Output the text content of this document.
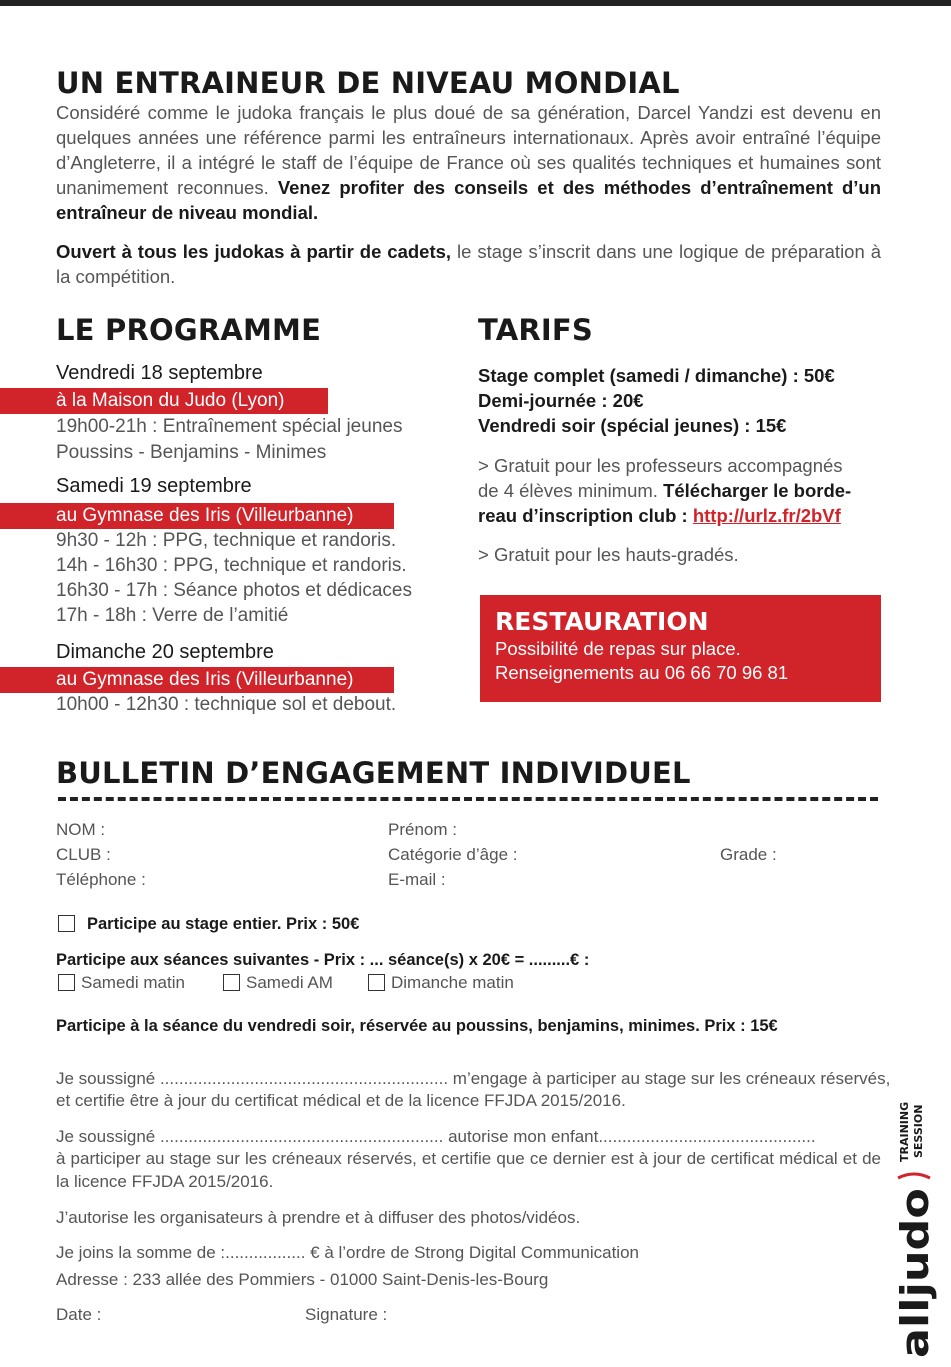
UN ENTRAINEUR DE NIVEAU MONDIAL

Considéré comme le judoka français le plus doué de sa génération, Darcel Yandzi est devenu en quelques années une référence parmi les entraîneurs internationaux. Après avoir entraîné l’équipe d’Angleterre, il a intégré le staff de l’équipe de France où ses qualités techniques et humaines sont unanimement reconnues. Venez profiter des conseils et des méthodes d’entraînement d’un entraîneur de niveau mondial.

Ouvert à tous les judokas à partir de cadets, le stage s’inscrit dans une logique de préparation à la compétition.

LE PROGRAMME
Vendredi 18 septembre
à la Maison du Judo (Lyon)
19h00-21h : Entraînement spécial jeunes
Poussins - Benjamins - Minimes
Samedi 19 septembre
au Gymnase des Iris (Villeurbanne)
9h30 - 12h : PPG, technique et randoris.
14h - 16h30 : PPG, technique et randoris.
16h30 - 17h : Séance photos et dédicaces
17h - 18h : Verre de l’amitié
Dimanche 20 septembre
au Gymnase des Iris (Villeurbanne)
10h00 - 12h30 : technique sol et debout.
TARIFS
Stage complet (samedi / dimanche) : 50€
Demi-journée : 20€
Vendredi soir (spécial jeunes) : 15€
> Gratuit pour les professeurs accompagnés
de 4 élèves minimum. Télécharger le borde-
reau d’inscription club : http://urlz.fr/2bVf
> Gratuit pour les hauts-gradés.
RESTAURATION
Possibilité de repas sur place.
Renseignements au 06 66 70 96 81
BULLETIN D’ENGAGEMENT INDIVIDUEL
NOM :	Prénom :
CLUB :	Catégorie d’âge :	Grade :
Téléphone :	E-mail :
Participe au stage entier. Prix : 50€
Participe aux séances suivantes - Prix : ... séance(s) x 20€ = .........€ :
Samedi matin	Samedi AM	Dimanche matin
Participe à la séance du vendredi soir, réservée au poussins, benjamins, minimes. Prix : 15€
Je soussigné ............................................................. m’engage à participer au stage sur les créneaux réservés,
et certifie être à jour du certificat médical et de la licence FFJDA 2015/2016.
Je soussigné ............................................................ autorise mon enfant..............................................
à participer au stage sur les créneaux réservés, et certifie que ce dernier est à jour de certificat médical et de la licence FFJDA 2015/2016.
J’autorise les organisateurs à prendre et à diffuser des photos/vidéos.
Je joins la somme de :................. € à l’ordre de Strong Digital Communication
Adresse : 233 allée des Pommiers - 01000 Saint-Denis-les-Bourg
Date :	Signature :
TRAINING SESSION
alljudo
